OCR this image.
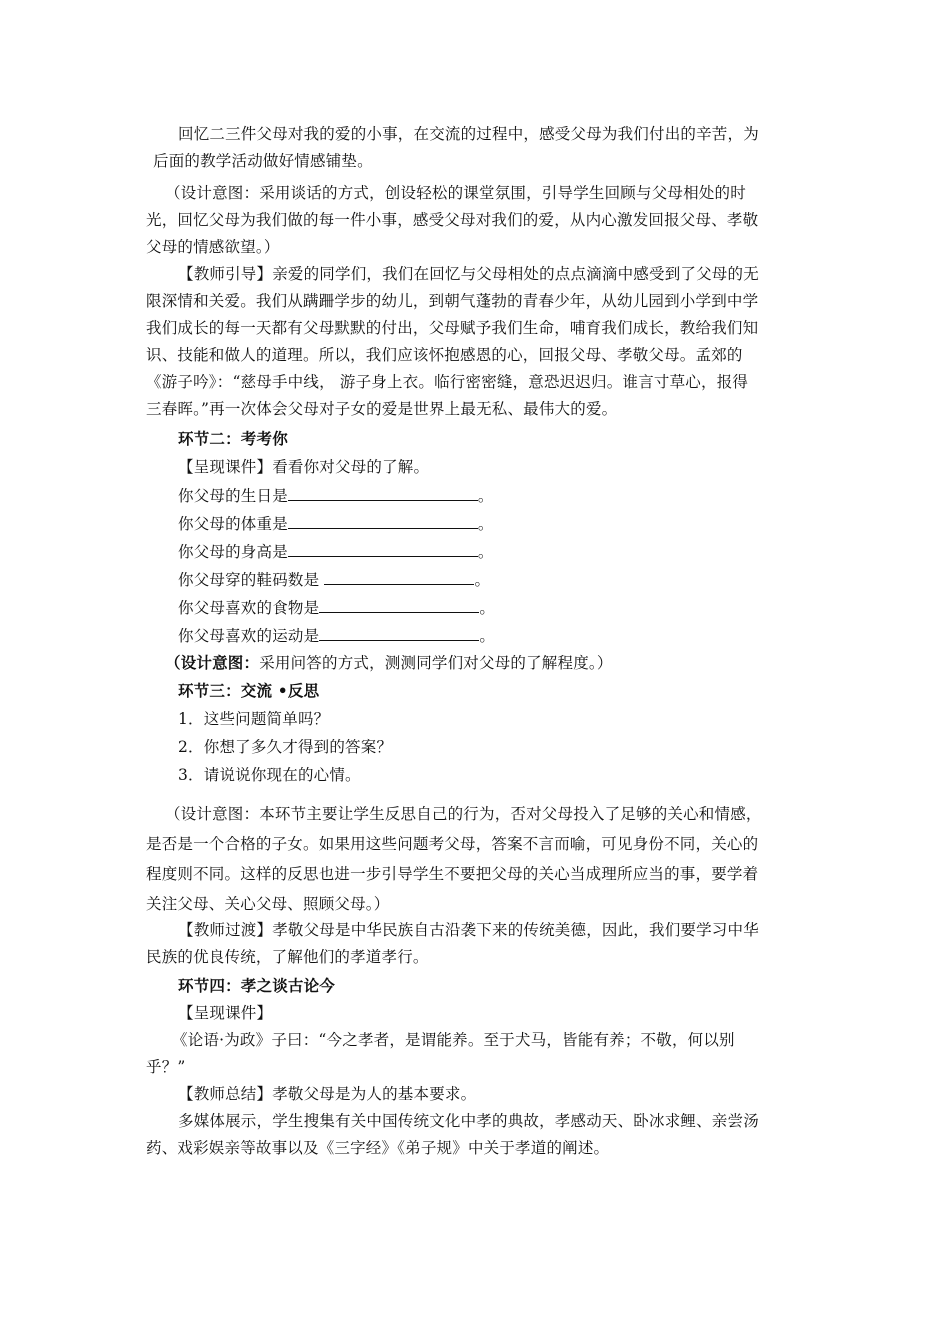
回忆二三件父母对我的爱的小事，在交流的过程中，感受父母为我们付出的辛苦，为
后面的教学活动做好情感铺垫。
（设计意图：采用谈话的方式，创设轻松的课堂氛围，引导学生回顾与父母相处的时
光，回忆父母为我们做的每一件小事，感受父母对我们的爱，从内心激发回报父母、孝敬
父母的情感欲望。）
【教师引导】亲爱的同学们，我们在回忆与父母相处的点点滴滴中感受到了父母的无
限深情和关爱。我们从蹒跚学步的幼儿，到朝气蓬勃的青春少年，从幼儿园到小学到中学
我们成长的每一天都有父母默默的付出，父母赋予我们生命，哺育我们成长，教给我们知
识、技能和做人的道理。所以，我们应该怀抱感恩的心，回报父母、孝敬父母。孟郊的
《游子吟》：“慈母手中线， 游子身上衣。临行密密缝，意恐迟迟归。谁言寸草心，报得
三春晖。”再一次体会父母对子女的爱是世界上最无私、最伟大的爱。
环节二：考考你
【呈现课件】看看你对父母的了解。
你父母的生日是	。
你父母的体重是	。
你父母的身高是	。
你父母穿的鞋码数是	。
你父母喜欢的食物是	。
你父母喜欢的运动是	。
（设计意图：采用问答的方式，测测同学们对父母的了解程度。）
环节三：交流 •反思
1．这些问题简单吗？
2．你想了多久才得到的答案？
3．请说说你现在的心情。
（设计意图：本环节主要让学生反思自己的行为，否对父母投入了足够的关心和情感，
是否是一个合格的子女。如果用这些问题考父母，答案不言而喻，可见身份不同，关心的
程度则不同。这样的反思也进一步引导学生不要把父母的关心当成理所应当的事，要学着
关注父母、关心父母、照顾父母。）
【教师过渡】孝敬父母是中华民族自古沿袭下来的传统美德，因此，我们要学习中华
民族的优良传统，了解他们的孝道孝行。
环节四：孝之谈古论今
【呈现课件】
《论语·为政》子曰：“今之孝者，是谓能养。至于犬马，皆能有养；不敬，何以别
乎？”
【教师总结】孝敬父母是为人的基本要求。
多媒体展示，学生搜集有关中国传统文化中孝的典故，孝感动天、卧冰求鲤、亲尝汤
药、戏彩娱亲等故事以及《三字经》《弟子规》中关于孝道的阐述。
